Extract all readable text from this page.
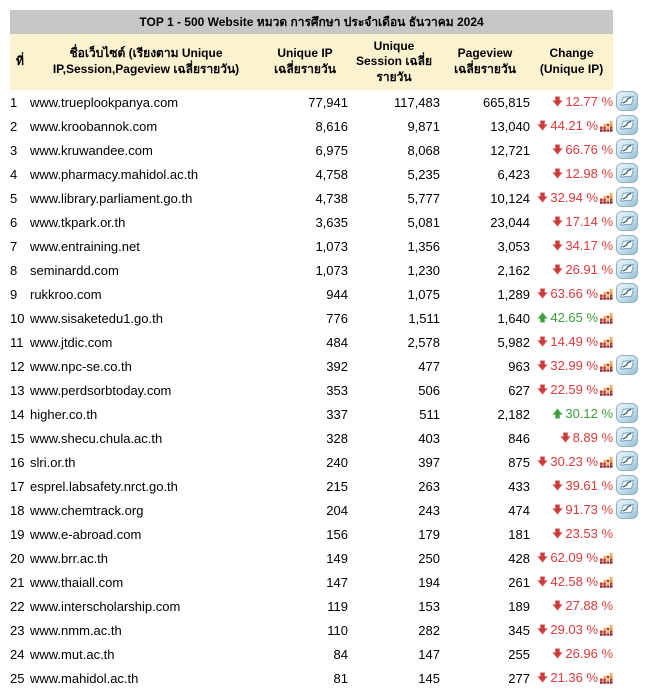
TOP 1 - 500 Website หมวด การศึกษา ประจำเดือน ธันวาคม 2024						
ที่	ชื่อเว็บไซต์ (เรียงตาม Unique IP,Session,Pageview เฉลี่ยรายวัน)	Unique IP เฉลี่ยรายวัน	Unique Session เฉลี่ย รายวัน	Pageview เฉลี่ยรายวัน	Change (Unique IP)	
1	www.trueplookpanya.com	77,941	117,483	665,815	12.77 %

2	www.kroobannok.com	8,616	9,871	13,040	44.21 %

3	www.kruwandee.com	6,975	8,068	12,721	66.76 %

4	www.pharmacy.mahidol.ac.th	4,758	5,235	6,423	12.98 %

5	www.library.parliament.go.th	4,738	5,777	10,124	32.94 %

6	www.tkpark.or.th	3,635	5,081	23,044	17.14 %

7	www.entraining.net	1,073	1,356	3,053	34.17 %

8	seminardd.com	1,073	1,230	2,162	26.91 %

9	rukkroo.com	944	1,075	1,289	63.66 %

10	www.sisaketedu1.go.th	776	1,511	1,640	42.65 %

11	www.jtdic.com	484	2,578	5,982	14.49 %

12	www.npc-se.co.th	392	477	963	32.99 %

13	www.perdsorbtoday.com	353	506	627	22.59 %

14	higher.co.th	337	511	2,182	30.12 %

15	www.shecu.chula.ac.th	328	403	846	8.89 %

16	slri.or.th	240	397	875	30.23 %

17	esprel.labsafety.nrct.go.th	215	263	433	39.61 %

18	www.chemtrack.org	204	243	474	91.73 %

19	www.e-abroad.com	156	179	181	23.53 %

20	www.brr.ac.th	149	250	428	62.09 %

21	www.thaiall.com	147	194	261	42.58 %

22	www.interscholarship.com	119	153	189	27.88 %

23	www.nmm.ac.th	110	282	345	29.03 %

24	www.mut.ac.th	84	147	255	26.96 %

25	www.mahidol.ac.th	81	145	277	21.36 %
